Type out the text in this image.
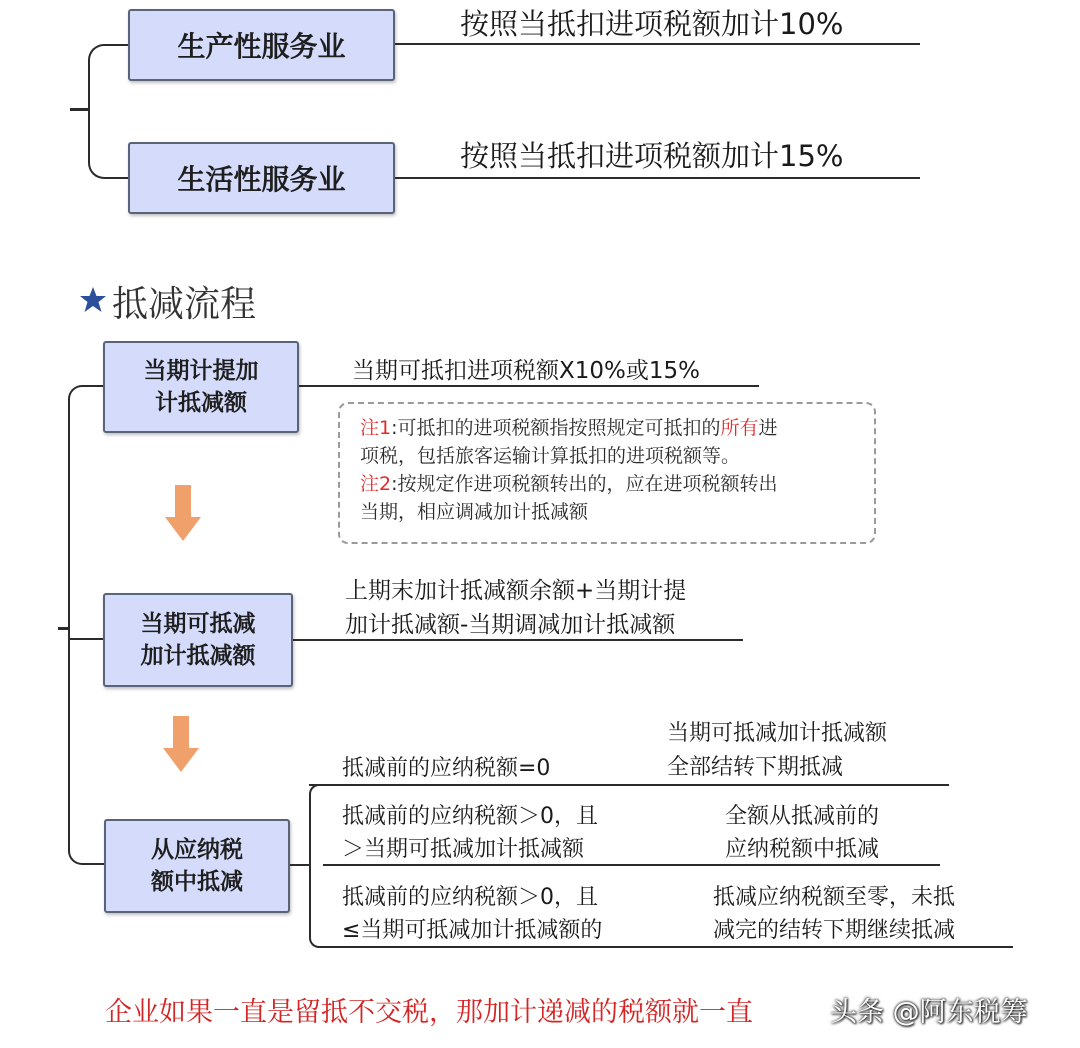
生产性服务业
按照当抵扣进项税额加计10%
生活性服务业
按照当抵扣进项税额加计15%
抵减流程
当期计提加
计抵减额
当期可抵扣进项税额X10%或15%
注1:可抵扣的进项税额指按照规定可抵扣的所有进
项税，包括旅客运输计算抵扣的进项税额等。
注2:按规定作进项税额转出的，应在进项税额转出
当期，相应调减加计抵减额
当期可抵减
加计抵减额
上期末加计抵减额余额+当期计提
加计抵减额-当期调减加计抵减额
从应纳税
额中抵减
抵减前的应纳税额=0
当期可抵减加计抵减额
全部结转下期抵减
抵减前的应纳税额＞0，且
＞当期可抵减加计抵减额
全额从抵减前的
应纳税额中抵减
抵减前的应纳税额＞0，且
≤当期可抵减加计抵减额的
抵减应纳税额至零，未抵
减完的结转下期继续抵减
企业如果一直是留抵不交税，那加计递减的税额就一直	头条 @阿东税筹
